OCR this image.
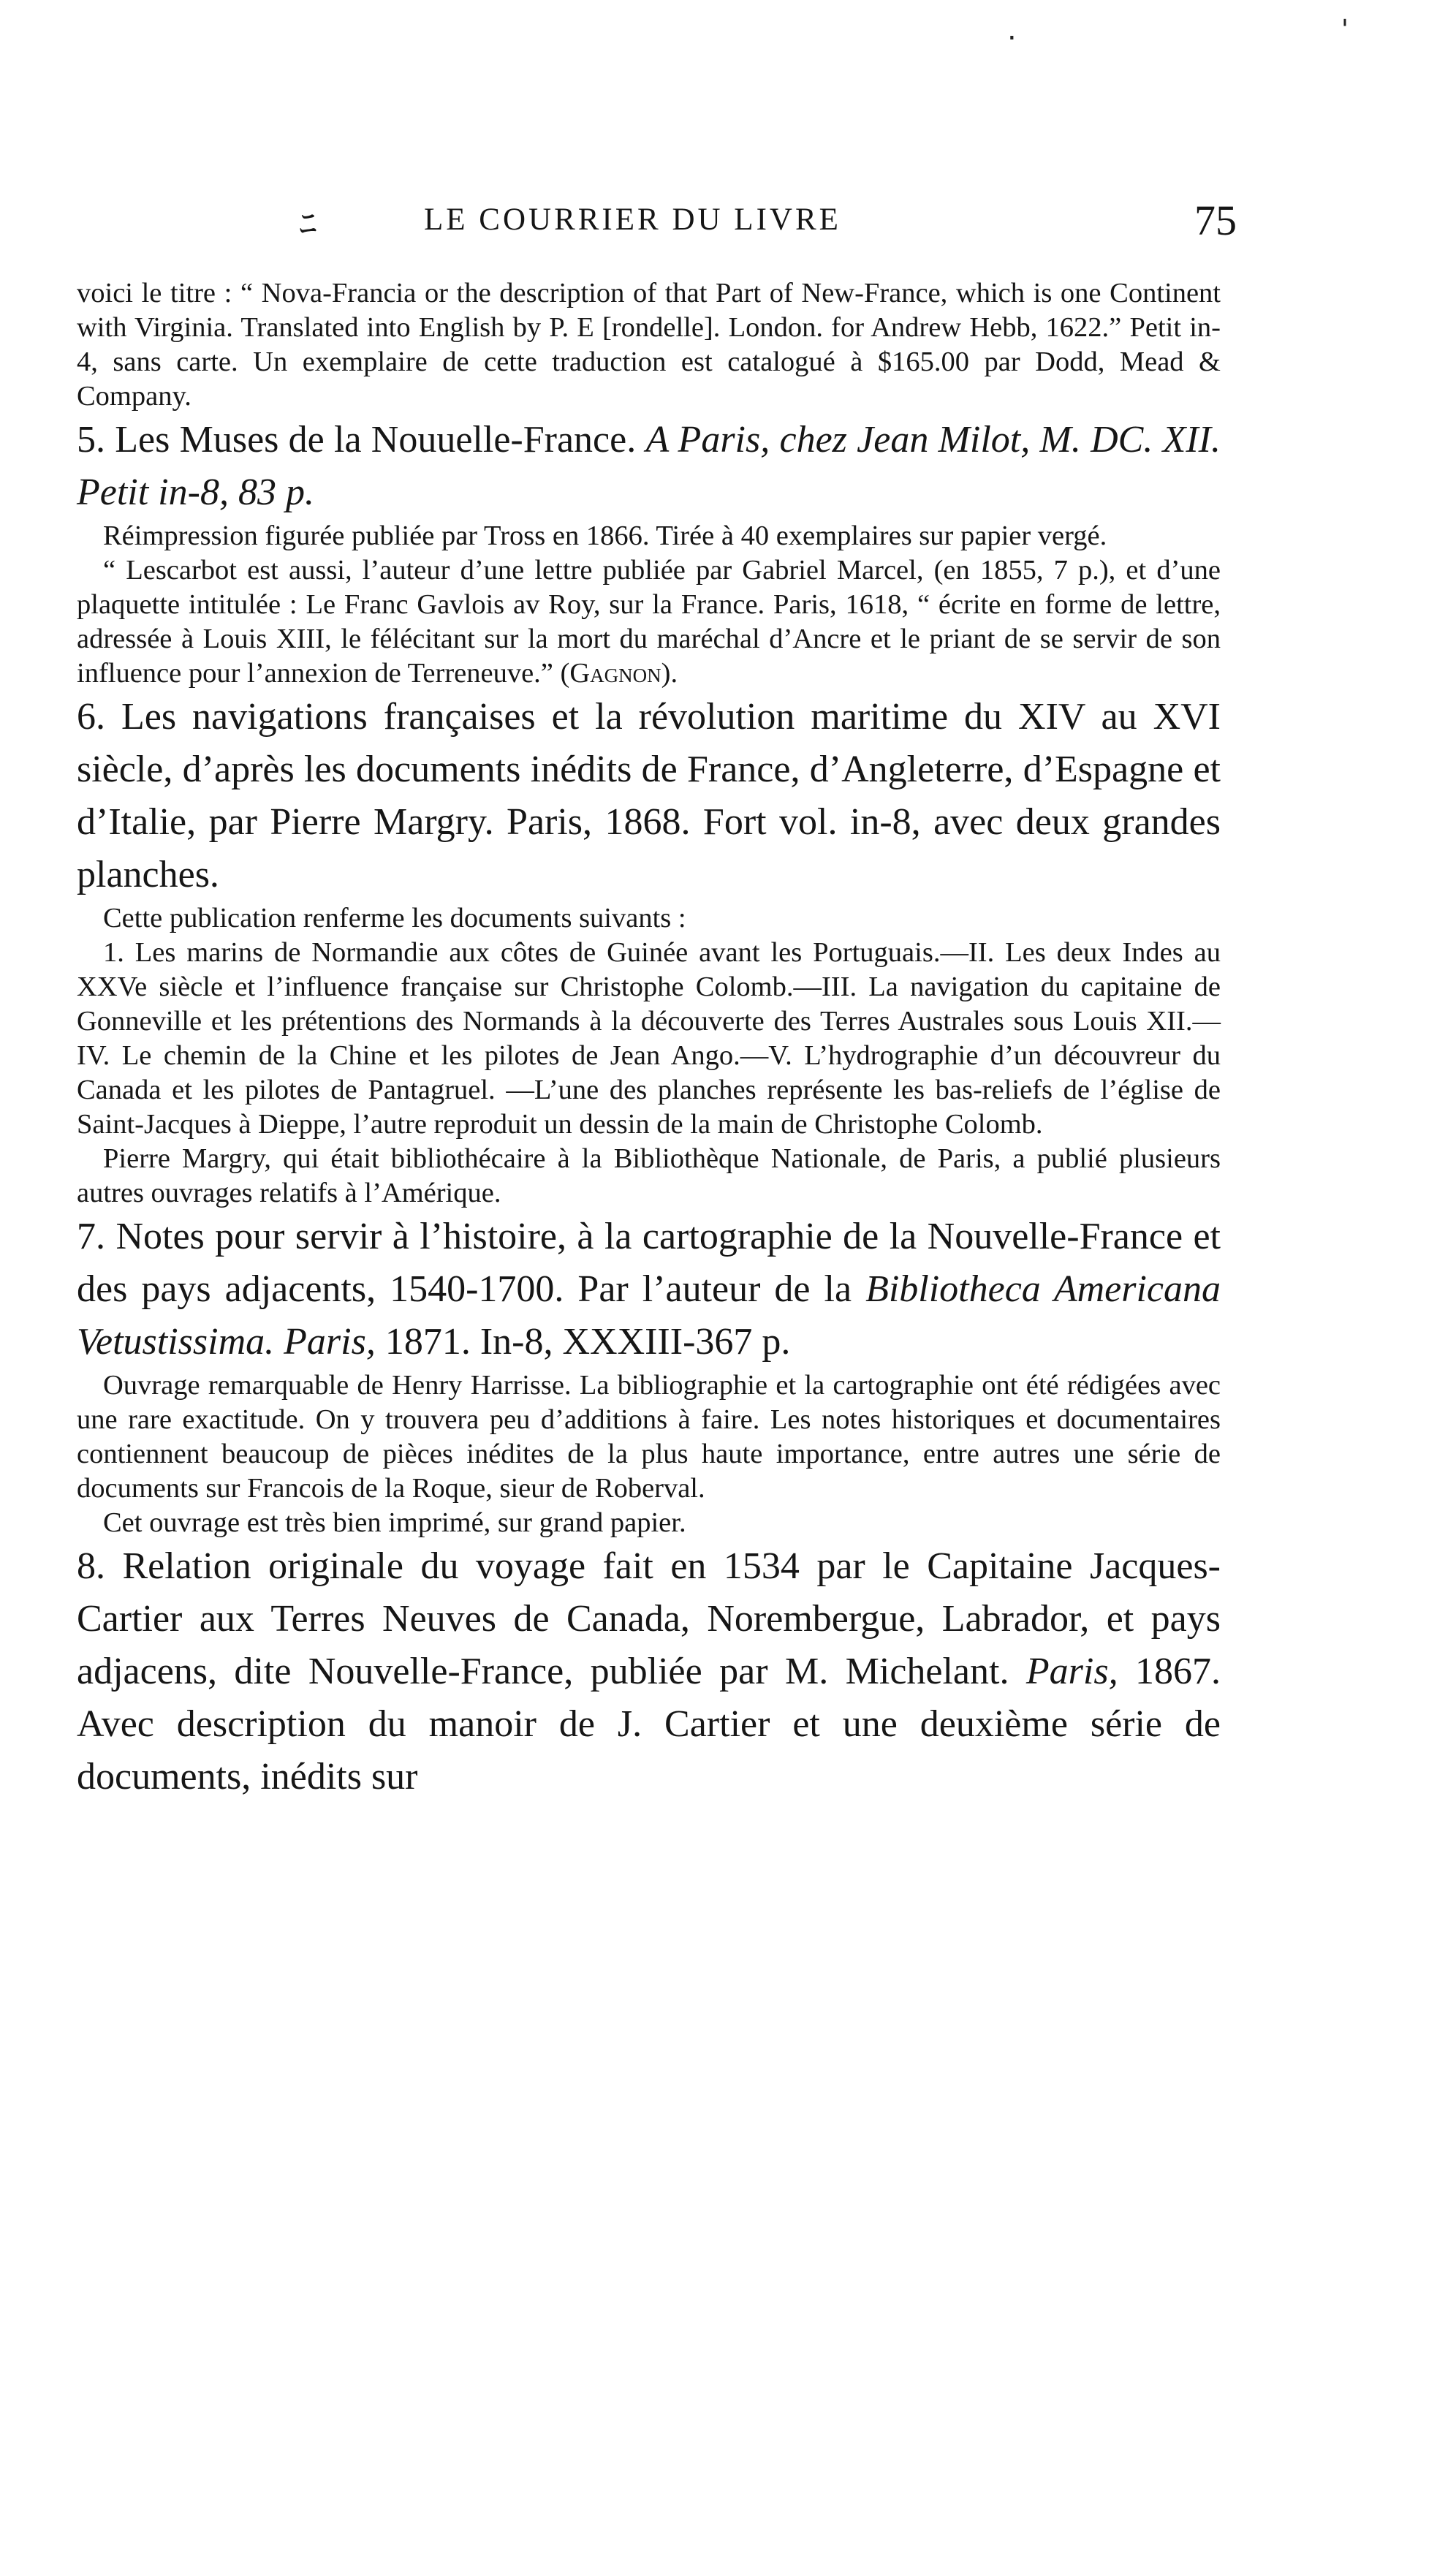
.	'
ﾆ	LE COURRIER DU LIVRE	75

voici le titre : “ Nova-Francia or the description of that Part of New-France, which is one Continent with Virginia. Translated into English by P. E [rondelle]. London. for Andrew Hebb, 1622.” Petit in-4, sans carte. Un exemplaire de cette traduction est catalogué à $165.00 par Dodd, Mead & Company.

5. Les Muses de la Nouuelle-France. A Paris, chez Jean Milot, M. DC. XII. Petit in-8, 83 p.

Réimpression figurée publiée par Tross en 1866. Tirée à 40 exemplaires sur papier vergé.

“ Lescarbot est aussi, l’auteur d’une lettre publiée par Gabriel Marcel, (en 1855, 7 p.), et d’une plaquette intitulée : Le Franc Gavlois av Roy, sur la France. Paris, 1618, “ écrite en forme de lettre, adressée à Louis XIII, le félécitant sur la mort du maréchal d’Ancre et le priant de se servir de son influence pour l’annexion de Terreneuve.” (Gagnon).

6. Les navigations françaises et la révolution maritime du XIV au XVI siècle, d’après les documents inédits de France, d’Angleterre, d’Espagne et d’Italie, par Pierre Margry. Paris, 1868. Fort vol. in-8, avec deux grandes planches.

Cette publication renferme les documents suivants :

1. Les marins de Normandie aux côtes de Guinée avant les Portuguais.—II. Les deux Indes au XXVe siècle et l’influence française sur Christophe Colomb.—III. La navigation du capitaine de Gonneville et les prétentions des Normands à la découverte des Terres Australes sous Louis XII.—IV. Le chemin de la Chine et les pilotes de Jean Ango.—V. L’hydrographie d’un découvreur du Canada et les pilotes de Pantagruel. —L’une des planches représente les bas-reliefs de l’église de Saint-Jacques à Dieppe, l’autre reproduit un dessin de la main de Christophe Colomb.

Pierre Margry, qui était bibliothécaire à la Bibliothèque Nationale, de Paris, a publié plusieurs autres ouvrages relatifs à l’Amérique.

7. Notes pour servir à l’histoire, à la cartographie de la Nouvelle-France et des pays adjacents, 1540-1700. Par l’auteur de la Bibliotheca Americana Vetustissima. Paris, 1871. In-8, XXXIII-367 p.

Ouvrage remarquable de Henry Harrisse. La bibliographie et la cartographie ont été rédigées avec une rare exactitude. On y trouvera peu d’additions à faire. Les notes historiques et documentaires contiennent beaucoup de pièces inédites de la plus haute importance, entre autres une série de documents sur Francois de la Roque, sieur de Roberval.

Cet ouvrage est très bien imprimé, sur grand papier.

8. Relation originale du voyage fait en 1534 par le Capitaine Jacques-Cartier aux Terres Neuves de Canada, Norembergue, Labrador, et pays adjacens, dite Nouvelle-France, publiée par M. Michelant. Paris, 1867. Avec description du manoir de J. Cartier et une deuxième série de documents, inédits sur
